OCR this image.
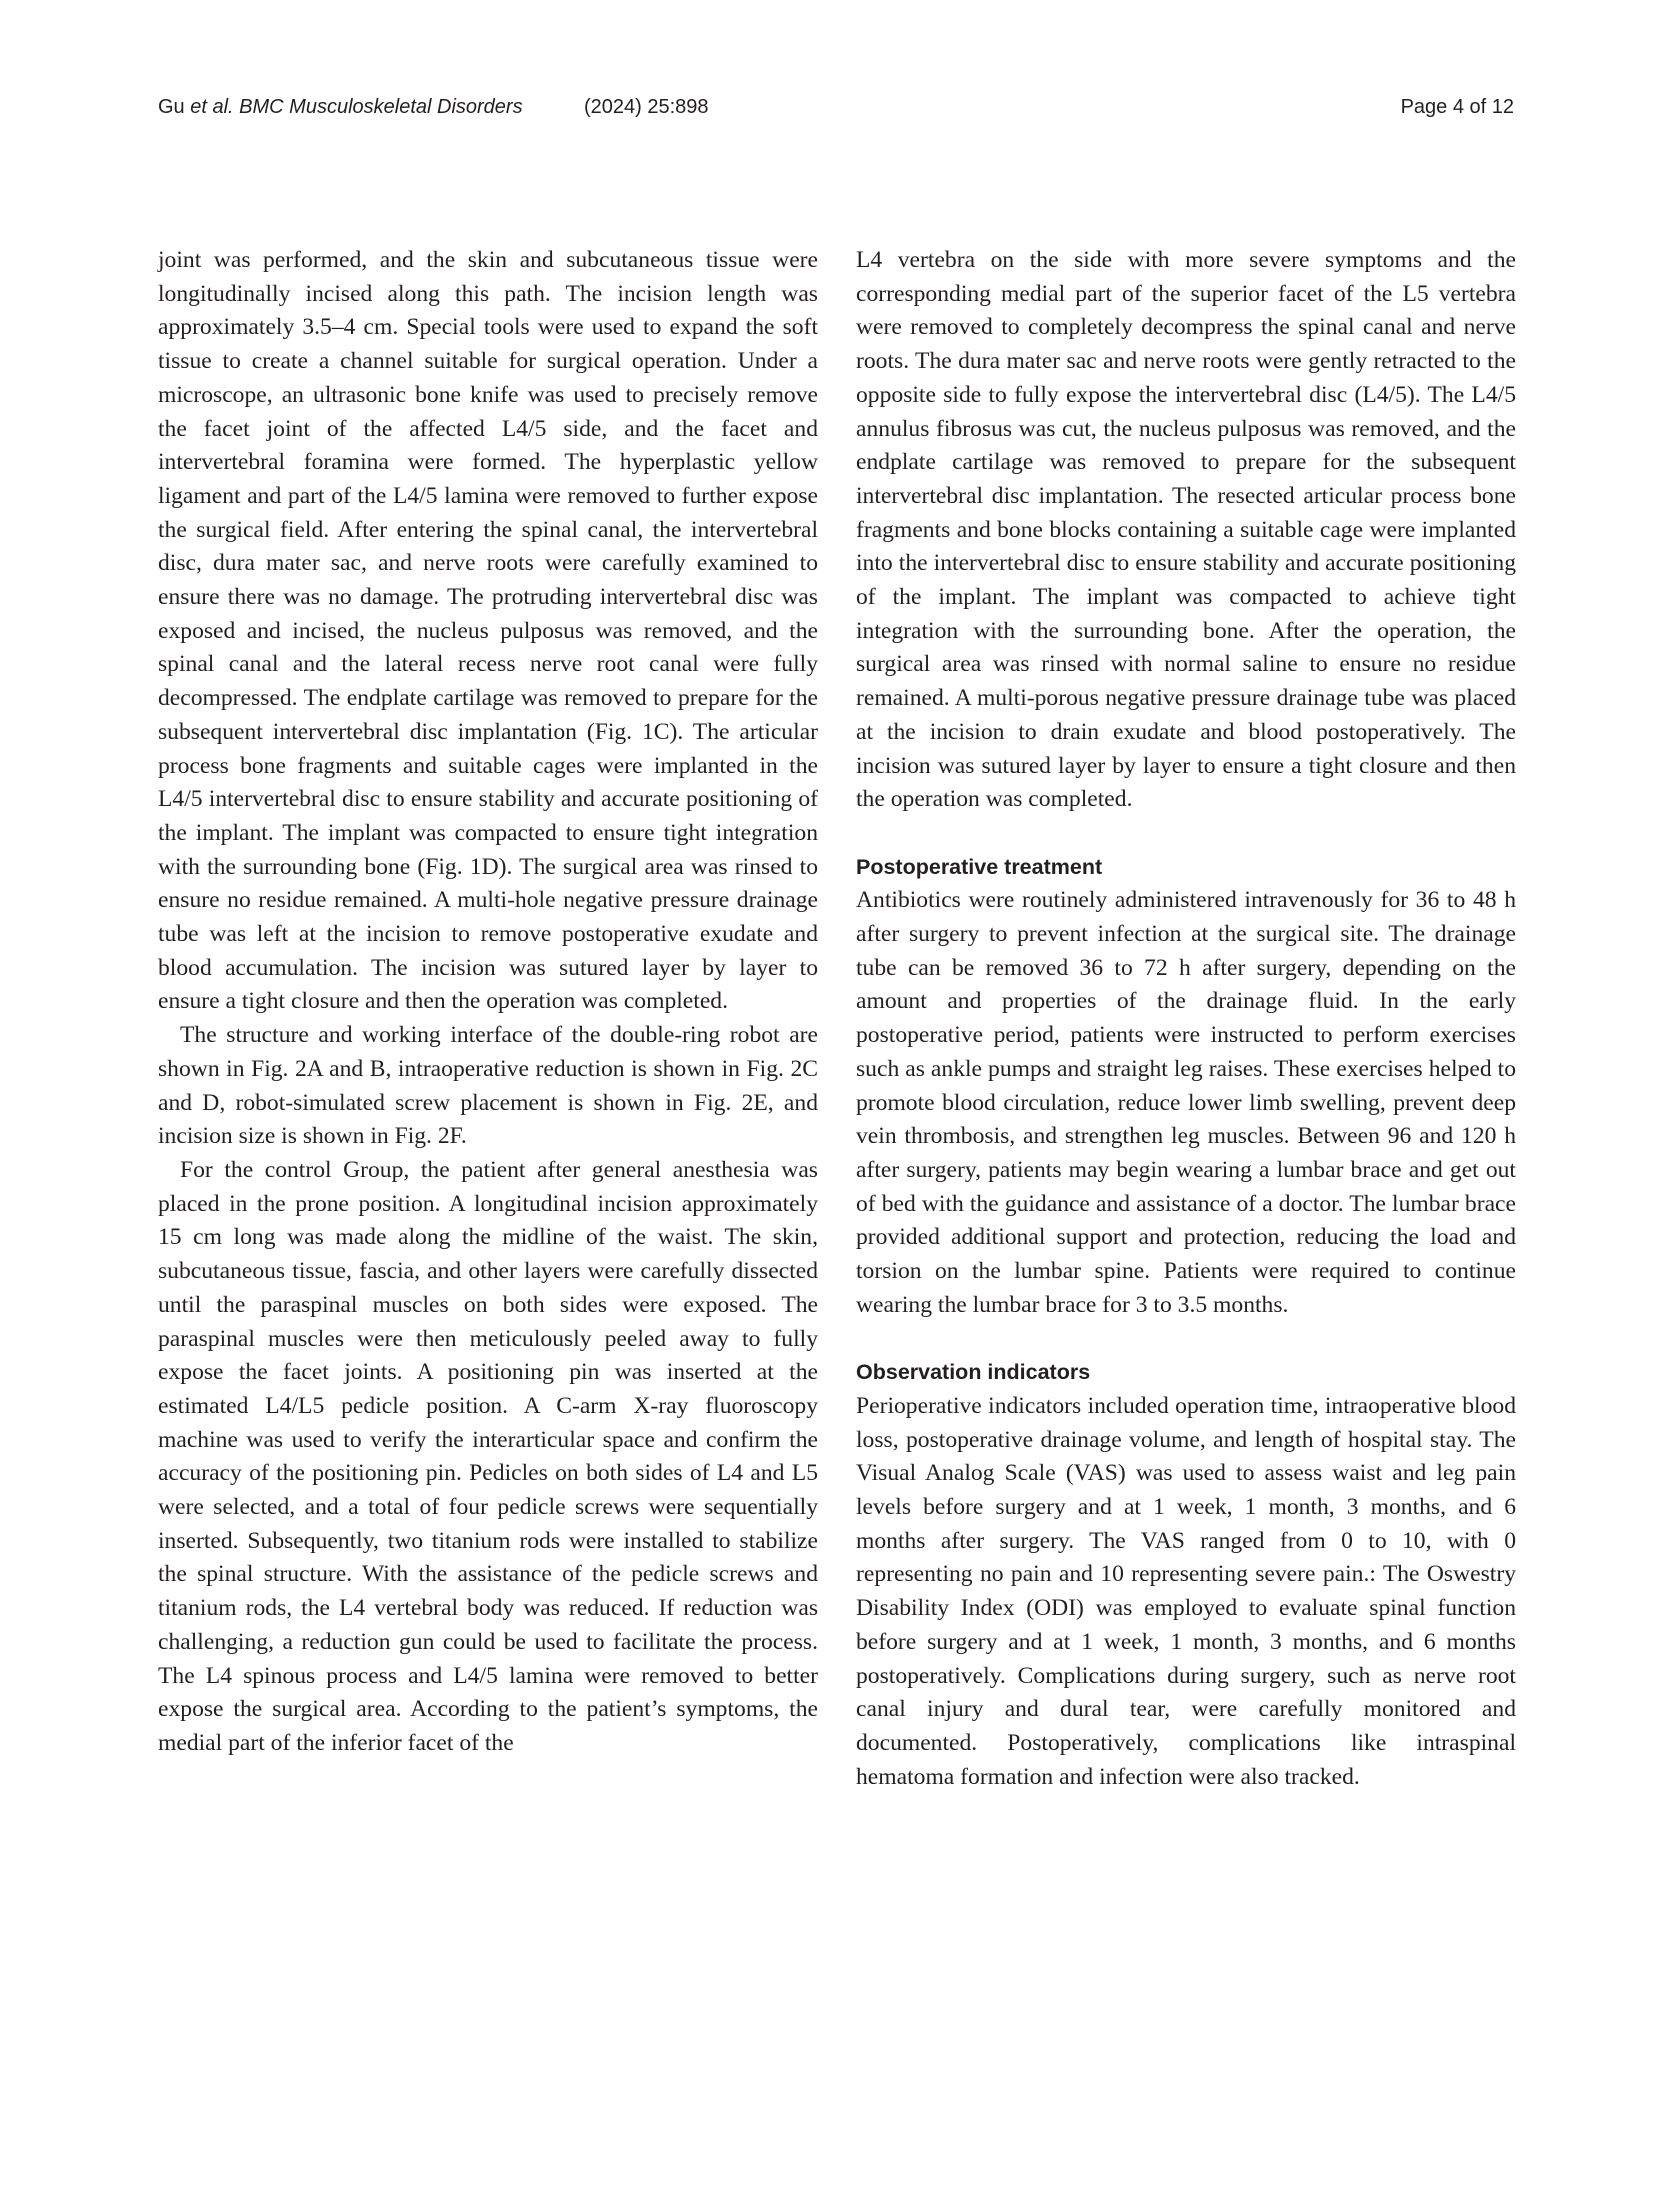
Gu et al. BMC Musculoskeletal Disorders	(2024) 25:898	Page 4 of 12

joint was performed, and the skin and subcutaneous tissue were longitudinally incised along this path. The incision length was approximately 3.5–4 cm. Special tools were used to expand the soft tissue to create a channel suitable for surgical operation. Under a microscope, an ultrasonic bone knife was used to precisely remove the facet joint of the affected L4/5 side, and the facet and intervertebral foramina were formed. The hyperplastic yellow ligament and part of the L4/5 lamina were removed to further expose the surgical field. After entering the spinal canal, the intervertebral disc, dura mater sac, and nerve roots were carefully examined to ensure there was no damage. The protruding intervertebral disc was exposed and incised, the nucleus pulposus was removed, and the spinal canal and the lateral recess nerve root canal were fully decompressed. The endplate cartilage was removed to prepare for the subsequent intervertebral disc implantation (Fig. 1C). The articular process bone fragments and suitable cages were implanted in the L4/5 intervertebral disc to ensure stability and accurate positioning of the implant. The implant was compacted to ensure tight integration with the surrounding bone (Fig. 1D). The surgical area was rinsed to ensure no residue remained. A multi-hole negative pressure drainage tube was left at the incision to remove postoperative exudate and blood accumulation. The incision was sutured layer by layer to ensure a tight closure and then the operation was completed.

The structure and working interface of the double-ring robot are shown in Fig. 2A and B, intraoperative reduction is shown in Fig. 2C and D, robot-simulated screw placement is shown in Fig. 2E, and incision size is shown in Fig. 2F.

For the control Group, the patient after general anesthesia was placed in the prone position. A longitudinal incision approximately 15 cm long was made along the midline of the waist. The skin, subcutaneous tissue, fascia, and other layers were carefully dissected until the paraspinal muscles on both sides were exposed. The paraspinal muscles were then meticulously peeled away to fully expose the facet joints. A positioning pin was inserted at the estimated L4/L5 pedicle position. A C-arm X-ray fluoroscopy machine was used to verify the interarticular space and confirm the accuracy of the positioning pin. Pedicles on both sides of L4 and L5 were selected, and a total of four pedicle screws were sequentially inserted. Subsequently, two titanium rods were installed to stabilize the spinal structure. With the assistance of the pedicle screws and titanium rods, the L4 vertebral body was reduced. If reduction was challenging, a reduction gun could be used to facilitate the process. The L4 spinous process and L4/5 lamina were removed to better expose the surgical area. According to the patient’s symptoms, the medial part of the inferior facet of the

L4 vertebra on the side with more severe symptoms and the corresponding medial part of the superior facet of the L5 vertebra were removed to completely decompress the spinal canal and nerve roots. The dura mater sac and nerve roots were gently retracted to the opposite side to fully expose the intervertebral disc (L4/5). The L4/5 annulus fibrosus was cut, the nucleus pulposus was removed, and the endplate cartilage was removed to prepare for the subsequent intervertebral disc implantation. The resected articular process bone fragments and bone blocks containing a suitable cage were implanted into the intervertebral disc to ensure stability and accurate positioning of the implant. The implant was compacted to achieve tight integration with the surrounding bone. After the operation, the surgical area was rinsed with normal saline to ensure no residue remained. A multi-porous negative pressure drainage tube was placed at the incision to drain exudate and blood postoperatively. The incision was sutured layer by layer to ensure a tight closure and then the operation was completed.

Postoperative treatment

Antibiotics were routinely administered intravenously for 36 to 48 h after surgery to prevent infection at the surgical site. The drainage tube can be removed 36 to 72 h after surgery, depending on the amount and properties of the drainage fluid. In the early postoperative period, patients were instructed to perform exercises such as ankle pumps and straight leg raises. These exercises helped to promote blood circulation, reduce lower limb swelling, prevent deep vein thrombosis, and strengthen leg muscles. Between 96 and 120 h after surgery, patients may begin wearing a lumbar brace and get out of bed with the guidance and assistance of a doctor. The lumbar brace provided additional support and protection, reducing the load and torsion on the lumbar spine. Patients were required to continue wearing the lumbar brace for 3 to 3.5 months.

Observation indicators

Perioperative indicators included operation time, intraoperative blood loss, postoperative drainage volume, and length of hospital stay. The Visual Analog Scale (VAS) was used to assess waist and leg pain levels before surgery and at 1 week, 1 month, 3 months, and 6 months after surgery. The VAS ranged from 0 to 10, with 0 representing no pain and 10 representing severe pain.: The Oswestry Disability Index (ODI) was employed to evaluate spinal function before surgery and at 1 week, 1 month, 3 months, and 6 months postoperatively. Complications during surgery, such as nerve root canal injury and dural tear, were carefully monitored and documented. Postoperatively, complications like intraspinal hematoma formation and infection were also tracked.
